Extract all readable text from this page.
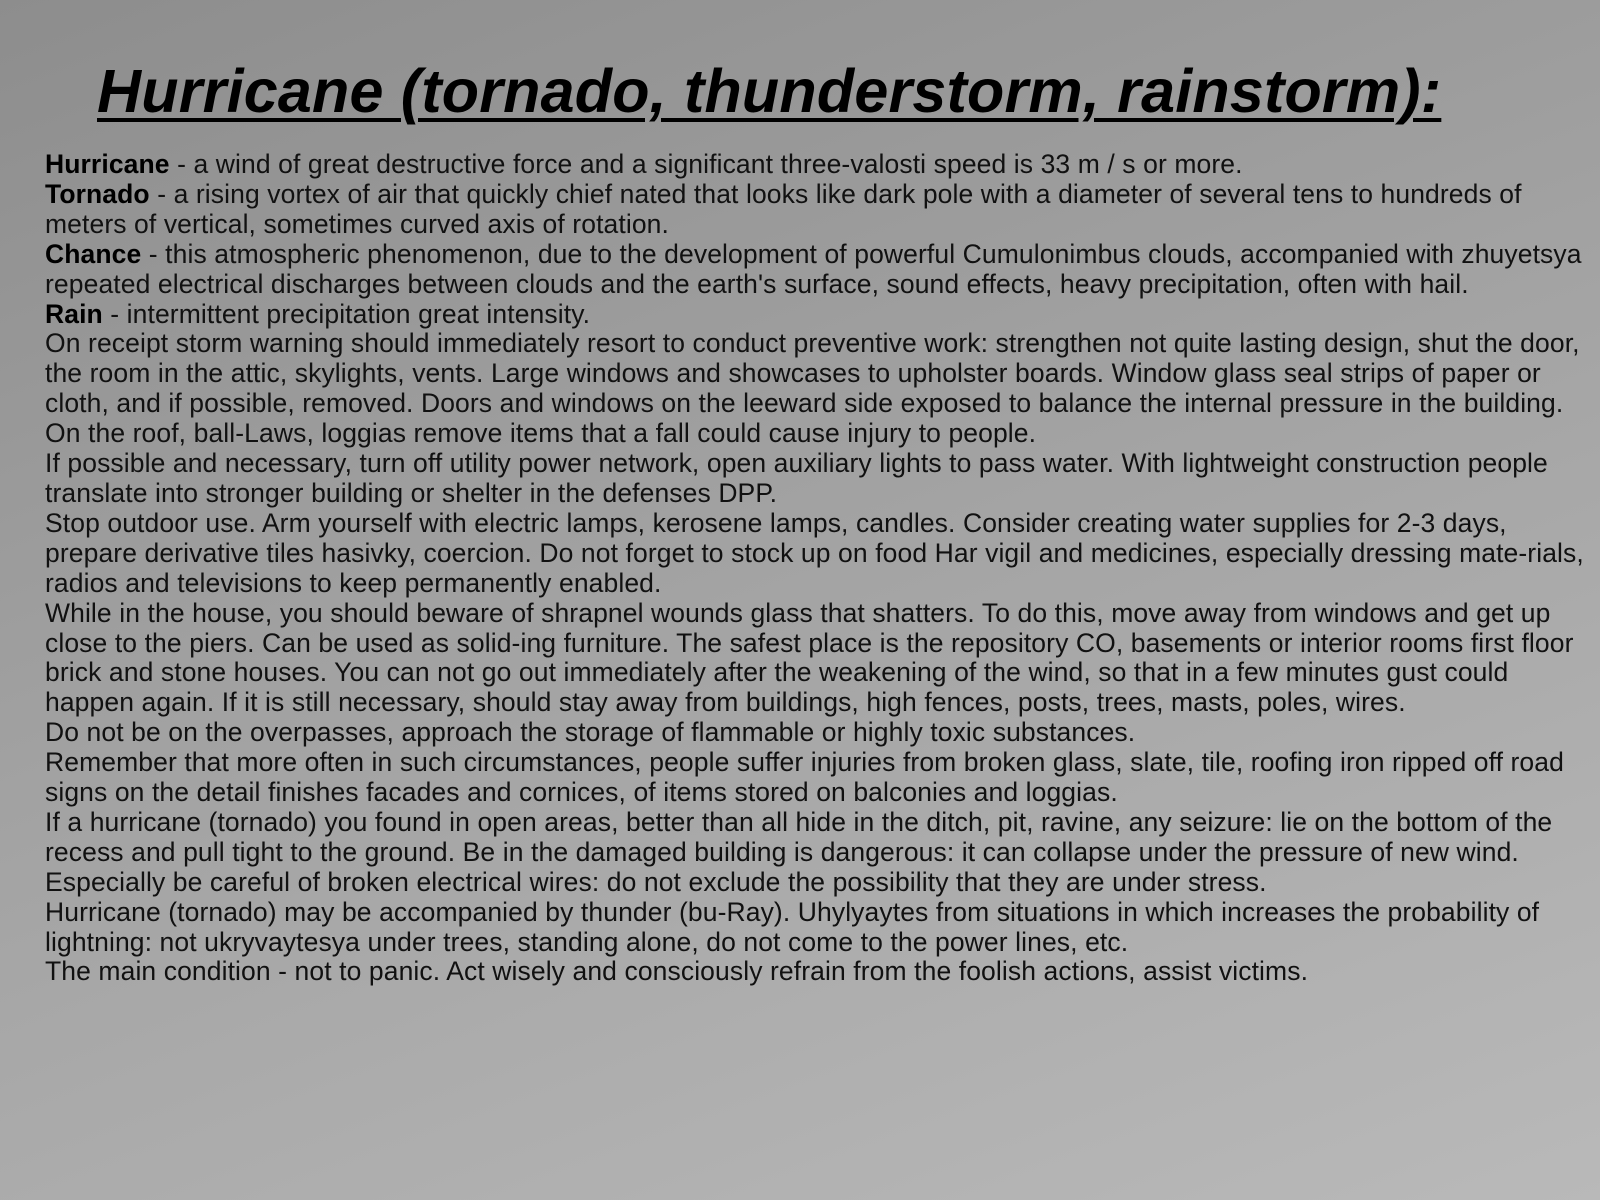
Hurricane (tornado, thunderstorm, rainstorm):

Hurricane - a wind of great destructive force and a significant three-valosti speed is 33 m / s or more.

Tornado - a rising vortex of air that quickly chief nated that looks like dark pole with a diameter of several tens to hundreds of meters of vertical, sometimes curved axis of rotation.

Chance - this atmospheric phenomenon, due to the development of powerful Cumulonimbus clouds, accompanied with zhuyetsya repeated electrical discharges between clouds and the earth's surface, sound effects, heavy precipitation, often with hail.

Rain - intermittent precipitation great intensity.

On receipt storm warning should immediately resort to conduct preventive work: strengthen not quite lasting design, shut the door, the room in the attic, skylights, vents. Large windows and showcases to upholster boards. Window glass seal strips of paper or cloth, and if possible, removed. Doors and windows on the leeward side exposed to balance the internal pressure in the building. On the roof, ball-Laws, loggias remove items that a fall could cause injury to people.

If possible and necessary, turn off utility power network, open auxiliary lights to pass water. With lightweight construction people translate into stronger building or shelter in the defenses DPP.

Stop outdoor use. Arm yourself with electric lamps, kerosene lamps, candles. Consider creating water supplies for 2-3 days, prepare derivative tiles hasivky, coercion. Do not forget to stock up on food Har vigil and medicines, especially dressing mate-rials, radios and televisions to keep permanently enabled.

While in the house, you should beware of shrapnel wounds glass that shatters. To do this, move away from windows and get up close to the piers. Can be used as solid-ing furniture. The safest place is the repository CO, basements or interior rooms first floor brick and stone houses. You can not go out immediately after the weakening of the wind, so that in a few minutes gust could happen again. If it is still necessary, should stay away from buildings, high fences, posts, trees, masts, poles, wires.

Do not be on the overpasses, approach the storage of flammable or highly toxic substances.

Remember that more often in such circumstances, people suffer injuries from broken glass, slate, tile, roofing iron ripped off road signs on the detail finishes facades and cornices, of items stored on balconies and loggias.

If a hurricane (tornado) you found in open areas, better than all hide in the ditch, pit, ravine, any seizure: lie on the bottom of the recess and pull tight to the ground. Be in the damaged building is dangerous: it can collapse under the pressure of new wind.

Especially be careful of broken electrical wires: do not exclude the possibility that they are under stress.

Hurricane (tornado) may be accompanied by thunder (bu-Ray). Uhylyaytes from situations in which increases the probability of lightning: not ukryvaytesya under trees, standing alone, do not come to the power lines, etc.

The main condition - not to panic. Act wisely and consciously refrain from the foolish actions, assist victims.
